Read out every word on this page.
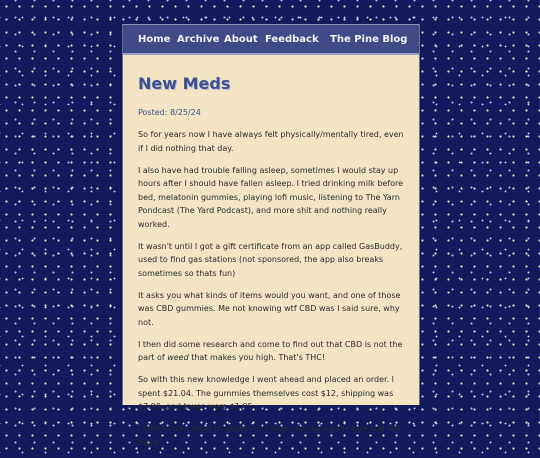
Home Archive About Feedback The Pine Blog
New Meds
Posted: 8/25/24

So for years now I have always felt physically/mentally tired, even if I did nothing that day.

I also have had trouble falling asleep, sometimes I would stay up hours after I should have fallen asleep. I tried drinking milk before bed, melatonin gummies, playing lofi music, listening to The Yarn Pondcast (The Yard Podcast), and more shit and nothing really worked.

It wasn't until I got a gift certificate from an app called GasBuddy, used to find gas stations (not sponsored, the app also breaks sometimes so thats fun)

It asks you what kinds of items would you want, and one of those was CBD gummies. Me not knowing wtf CBD was I said sure, why not.

I then did some research and come to find out that CBD is not the part of weed that makes you high. That's THC!

So with this new knowledge I went ahead and placed an order. I spent $21.04. The gummies themselves cost $12, shipping was $7.99, and taxes were $1.05

I didn't know what to expect so I took one during the day and felt more
